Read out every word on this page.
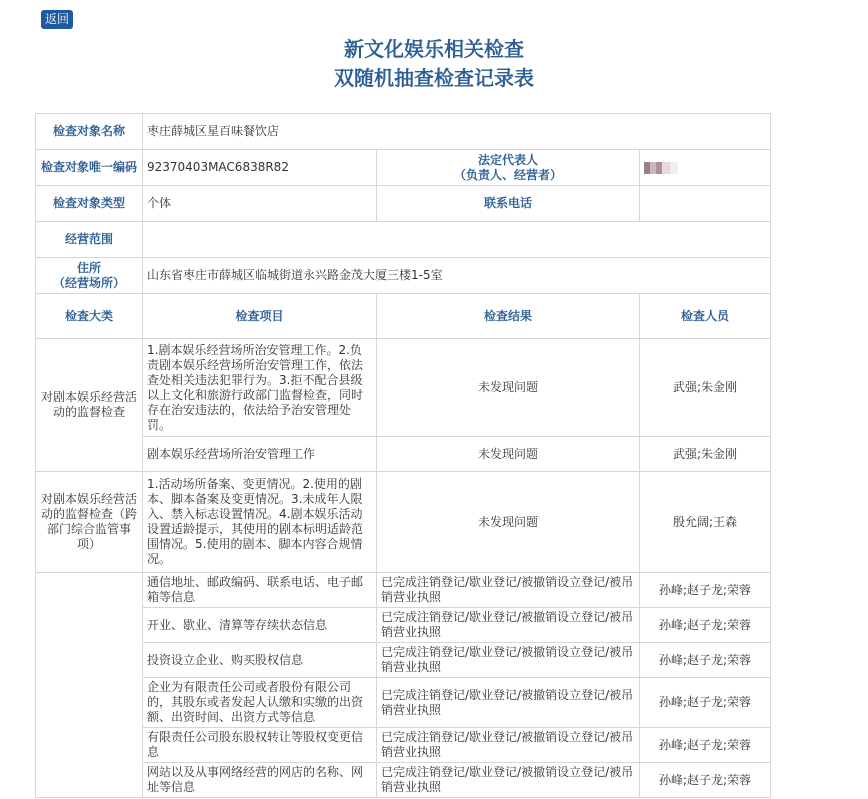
返回
新文化娱乐相关检查
双随机抽查检查记录表
检查对象名称	枣庄薛城区星百味餐饮店		
检查对象唯一编码	92370403MAC6838R82	法定代表人
（负责人、经营者）	

检查对象类型	个体	联系电话	
经营范围			

住所
（经营场所）	山东省枣庄市薛城区临城街道永兴路金茂大厦三楼1-5室		
检查大类	检查项目	检查结果	检查人员
对剧本娱乐经营活动的监督检查	1.剧本娱乐经营场所治安管理工作。2.负责剧本娱乐经营场所治安管理工作，依法查处相关违法犯罪行为。3.拒不配合县级以上文化和旅游行政部门监督检查，同时存在治安违法的，依法给予治安管理处罚。	未发现问题	武强;朱金刚
	剧本娱乐经营场所治安管理工作	未发现问题	武强;朱金刚
对剧本娱乐经营活动的监督检查（跨部门综合监管事项）	1.活动场所备案、变更情况。2.使用的剧本、脚本备案及变更情况。3.未成年人限入、禁入标志设置情况。4.剧本娱乐活动设置适龄提示，其使用的剧本标明适龄范围情况。5.使用的剧本、脚本内容合规情况。	未发现问题	殷允阔;王森
	通信地址、邮政编码、联系电话、电子邮箱等信息	已完成注销登记/歇业登记/被撤销设立登记/被吊销营业执照	孙峰;赵子龙;荣蓉
	开业、歇业、清算等存续状态信息	已完成注销登记/歇业登记/被撤销设立登记/被吊销营业执照	孙峰;赵子龙;荣蓉
	投资设立企业、购买股权信息	已完成注销登记/歇业登记/被撤销设立登记/被吊销营业执照	孙峰;赵子龙;荣蓉
	企业为有限责任公司或者股份有限公司的，其股东或者发起人认缴和实缴的出资额、出资时间、出资方式等信息	已完成注销登记/歇业登记/被撤销设立登记/被吊销营业执照	孙峰;赵子龙;荣蓉
	有限责任公司股东股权转让等股权变更信息	已完成注销登记/歇业登记/被撤销设立登记/被吊销营业执照	孙峰;赵子龙;荣蓉
	网站以及从事网络经营的网店的名称、网址等信息	已完成注销登记/歇业登记/被撤销设立登记/被吊销营业执照	孙峰;赵子龙;荣蓉
